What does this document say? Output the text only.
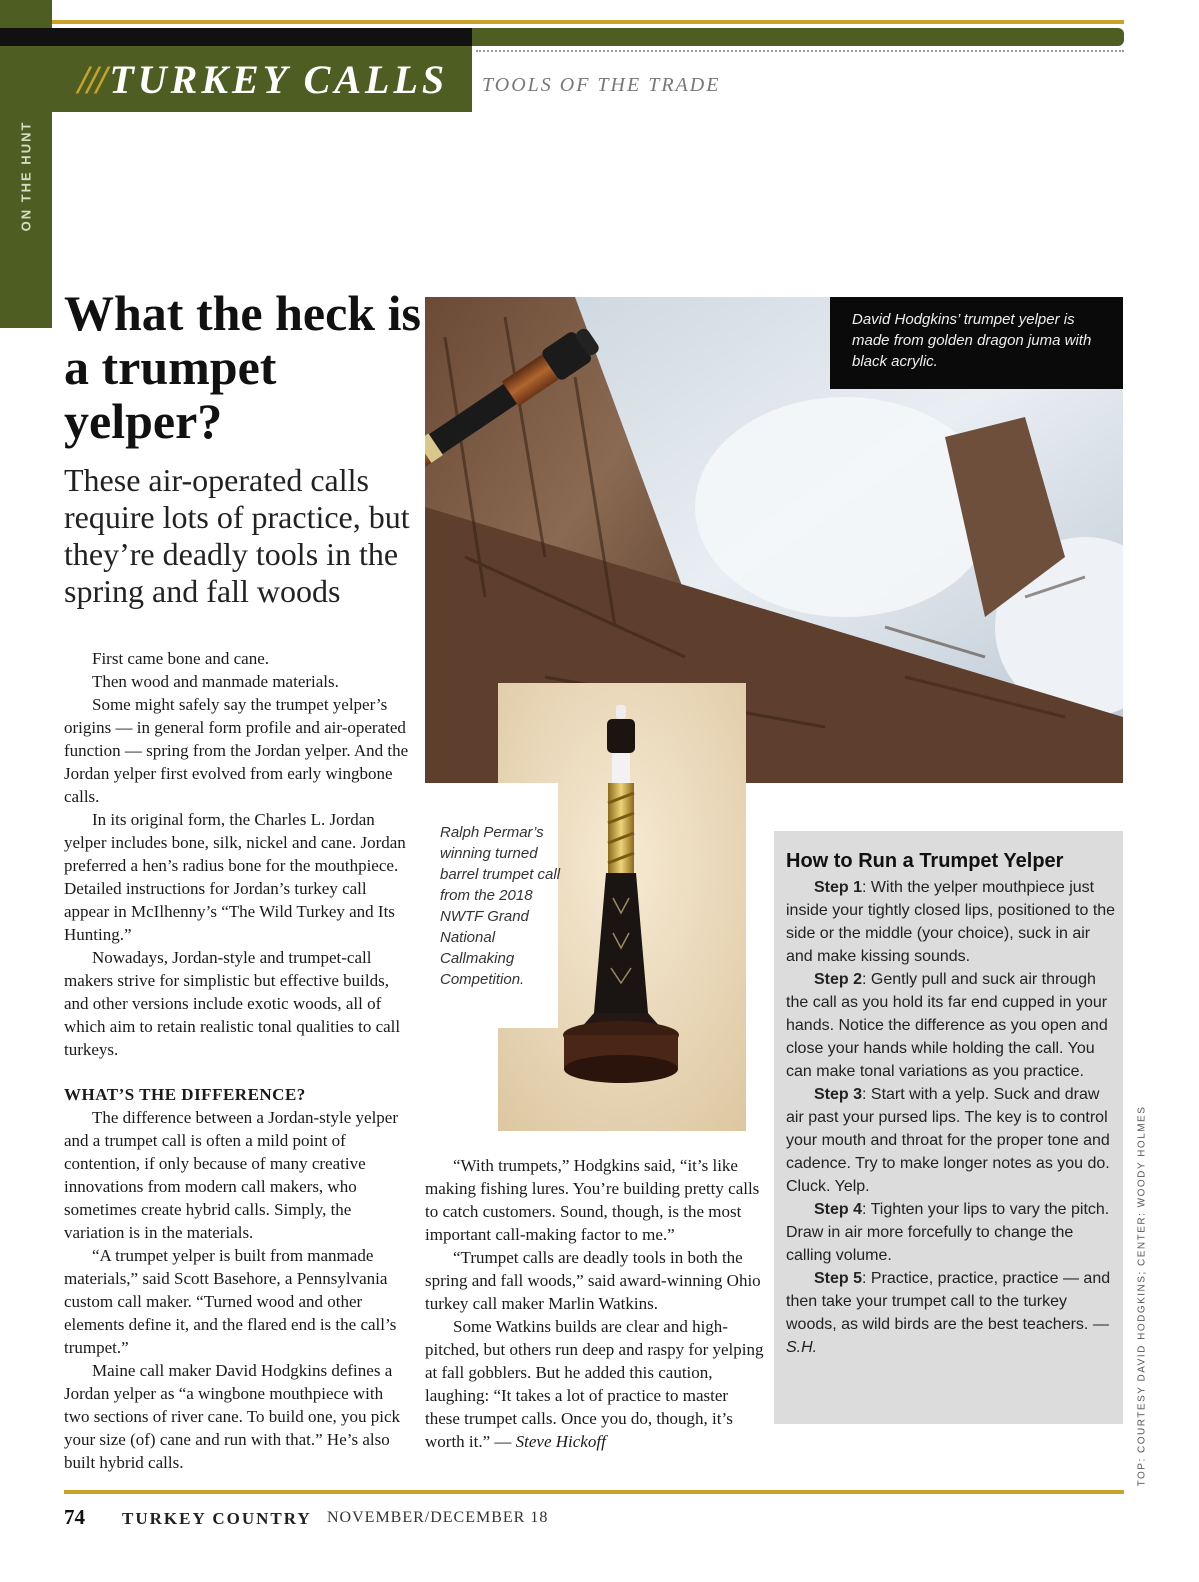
ON THE HUNT
/// TURKEY CALLS TOOLS OF THE TRADE
What the heck is a trumpet yelper?

These air-operated calls require lots of practice, but they’re deadly tools in the spring and fall woods

First came bone and cane.

Then wood and manmade materials.

Some might safely say the trumpet yelper’s origins — in general form profile and air-operated function — spring from the Jordan yelper. And the Jordan yelper first evolved from early wingbone calls.

In its original form, the Charles L. Jordan yelper includes bone, silk, nickel and cane. Jordan preferred a hen’s radius bone for the mouthpiece. Detailed instructions for Jordan’s turkey call appear in McIlhenny’s “The Wild Turkey and Its Hunting.”

Nowadays, Jordan-style and trumpet-call makers strive for simplistic but effective builds, and other versions include exotic woods, all of which aim to retain realistic tonal qualities to call turkeys.

WHAT’S THE DIFFERENCE?

The difference between a Jordan-style yelper and a trumpet call is often a mild point of contention, if only because of many creative innovations from modern call makers, who sometimes create hybrid calls. Simply, the variation is in the materials.

“A trumpet yelper is built from manmade materials,” said Scott Basehore, a Pennsylvania custom call maker. “Turned wood and other elements define it, and the flared end is the call’s trumpet.”

Maine call maker David Hodgkins defines a Jordan yelper as “a wingbone mouthpiece with two sections of river cane. To build one, you pick your size (of) cane and run with that.” He’s also built hybrid calls.

David Hodgkins’ trumpet yelper is made from golden dragon juma with black acrylic.
Ralph Permar’s winning turned barrel trumpet call from the 2018 NWTF Grand National Callmaking Competition.

“With trumpets,” Hodgkins said, “it’s like making fishing lures. You’re building pretty calls to catch customers. Sound, though, is the most important call-making factor to me.”

“Trumpet calls are deadly tools in both the spring and fall woods,” said award-winning Ohio turkey call maker Marlin Watkins.

Some Watkins builds are clear and high-pitched, but others run deep and raspy for yelping at fall gobblers. But he added this caution, laughing: “It takes a lot of practice to master these trumpet calls. Once you do, though, it’s worth it.” — Steve Hickoff

How to Run a Trumpet Yelper

Step 1: With the yelper mouthpiece just inside your tightly closed lips, positioned to the side or the middle (your choice), suck in air and make kissing sounds.

Step 2: Gently pull and suck air through the call as you hold its far end cupped in your hands. Notice the difference as you open and close your hands while holding the call. You can make tonal variations as you practice.

Step 3: Start with a yelp. Suck and draw air past your pursed lips. The key is to control your mouth and throat for the proper tone and cadence. Try to make longer notes as you do. Cluck. Yelp.

Step 4: Tighten your lips to vary the pitch. Draw in air more forcefully to change the calling volume.

Step 5: Practice, practice, practice — and then take your trumpet call to the turkey woods, as wild birds are the best teachers. — S.H.	TOP: COURTESY DAVID HODGKINS; CENTER: WOODY HOLMES
74 TURKEY COUNTRY NOVEMBER/DECEMBER 18
